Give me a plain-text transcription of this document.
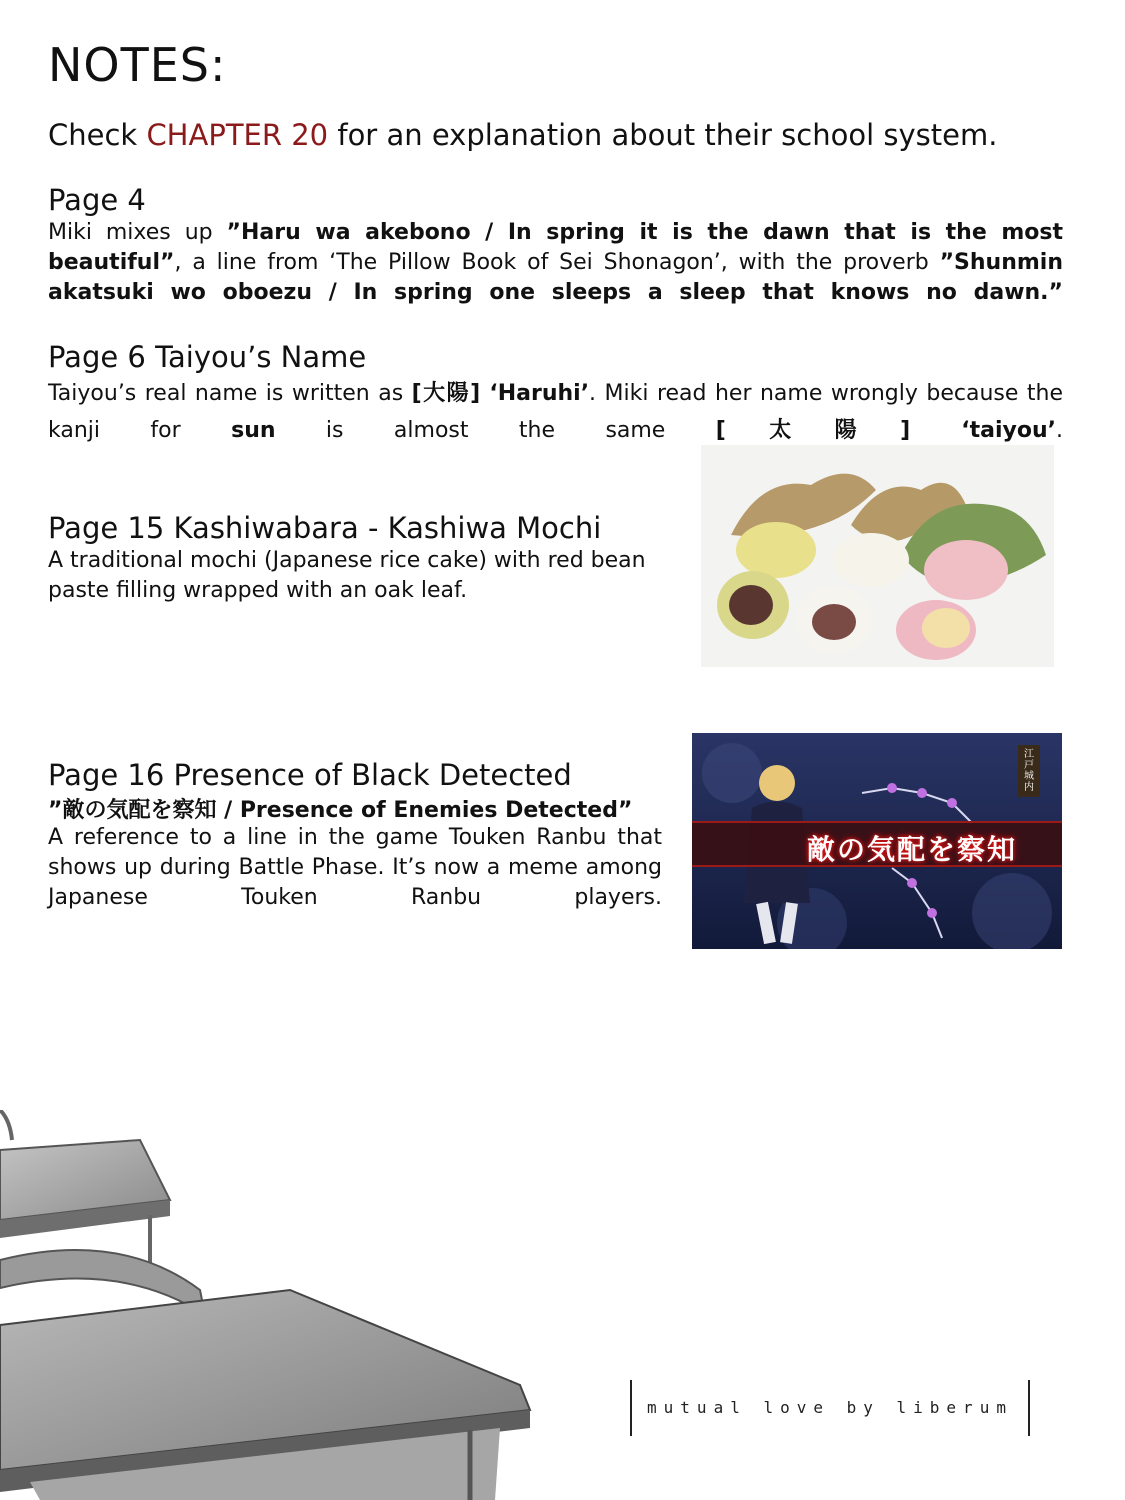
NOTES:
Check CHAPTER 20 for an explanation about their school system.
Page 4
Miki mixes up ”Haru wa akebono / In spring it is the dawn that is the most beautiful”, a line from ‘The Pillow Book of Sei Shonagon’, with the proverb ”Shunmin akatsuki wo oboezu / In spring one sleeps a sleep that knows no dawn.”
Page 6 Taiyou’s Name
Taiyou’s real name is written as [大陽] ‘Haruhi’. Miki read her name wrongly because the kanji for sun is almost the same [太陽] ‘taiyou’.
Page 15 Kashiwabara - Kashiwa Mochi
A traditional mochi (Japanese rice cake) with red bean paste filling wrapped with an oak leaf.
Page 16 Presence of Black Detected
”敵の気配を察知 / Presence of Enemies Detected”
A reference to a line in the game Touken Ranbu that shows up during Battle Phase. It’s now a meme among Japanese Touken Ranbu players.
敵の気配を察知
江戸城内
mutual love by liberum
